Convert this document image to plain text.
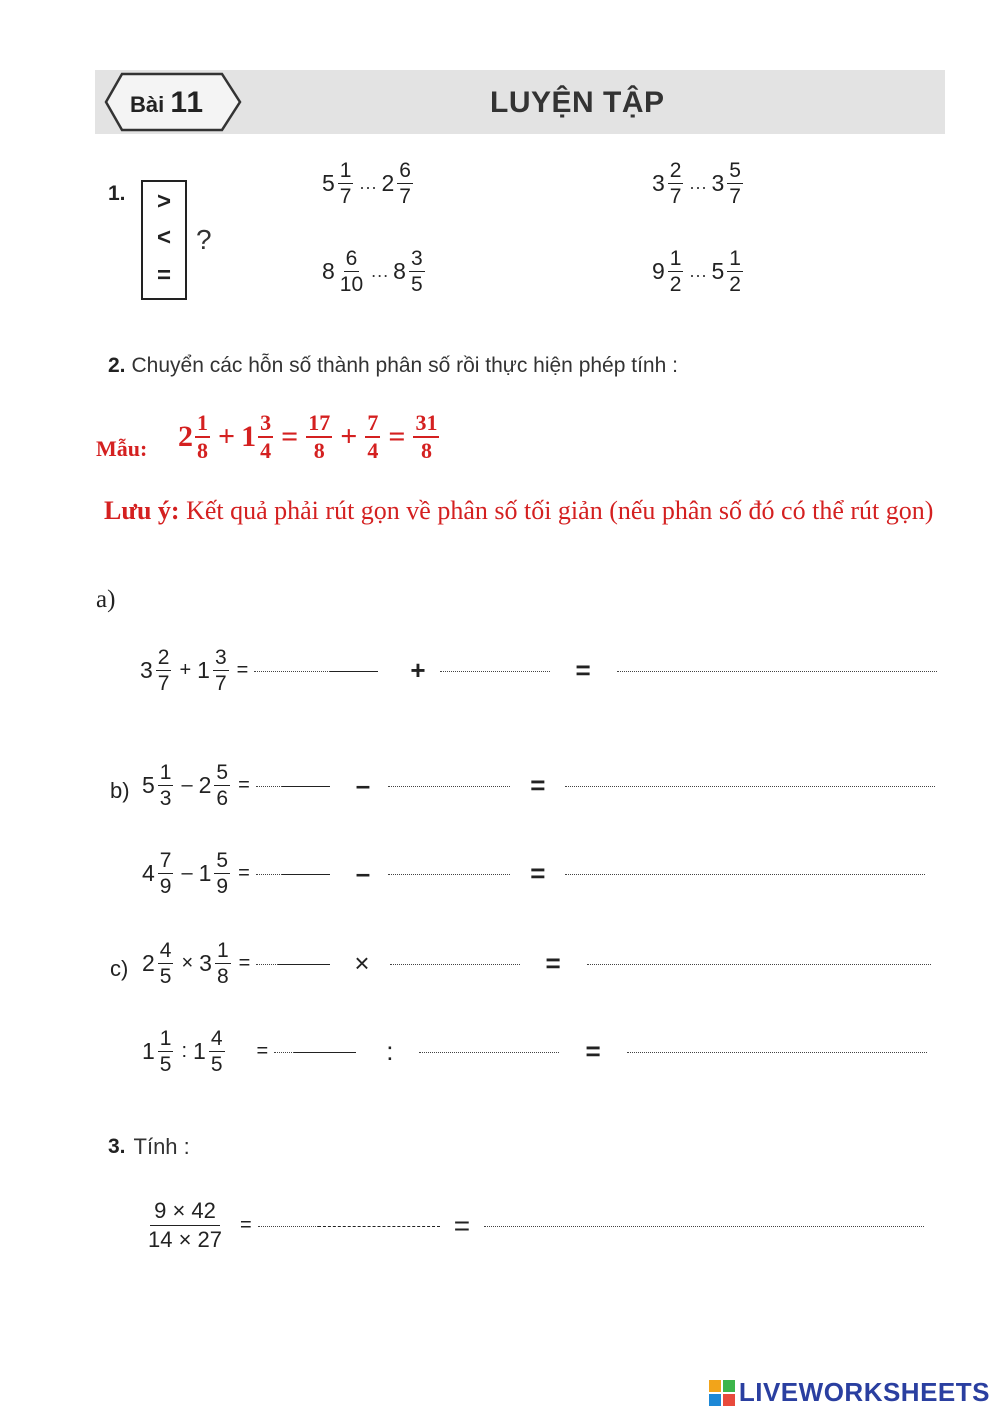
Bài 11	LUYỆN TẬP
1.	>
<
=
?
$5 \frac{1}{7}$ ... $2 \frac{6}{7}$	$3 \frac{2}{7}$ ... $3 \frac{5}{7}$
$8 \frac{6}{10}$ ... $8 \frac{3}{5}$	$9 \frac{1}{2}$ ... $5 \frac{1}{2}$
2. Chuyển các hỗn số thành phân số rồi thực hiện phép tính :
Mẫu: $2 \frac{1}{8} + 1 \frac{3}{4} = \frac{17}{8} + \frac{7}{4} = \frac{31}{8}$
Lưu ý: Kết quả phải rút gọn về phân số tối giản (nếu phân số đó có thể rút gọn)
a)
$3 \frac{2}{7} + 1 \frac{3}{7}$ =	+	=
b) $5 \frac{1}{3} - 2 \frac{5}{6}$ =	–	=
$4 \frac{7}{9} - 1 \frac{5}{9}$ =	–	=
c) $2 \frac{4}{5} \times 3 \frac{1}{8}$ =	×	=
$1 \frac{1}{5}$ : $1 \frac{4}{5}$ =	:	=
3. Tính :
$\frac{9 \times 42}{14 \times 27}$ =	=
LIVEWORKSHEETS
